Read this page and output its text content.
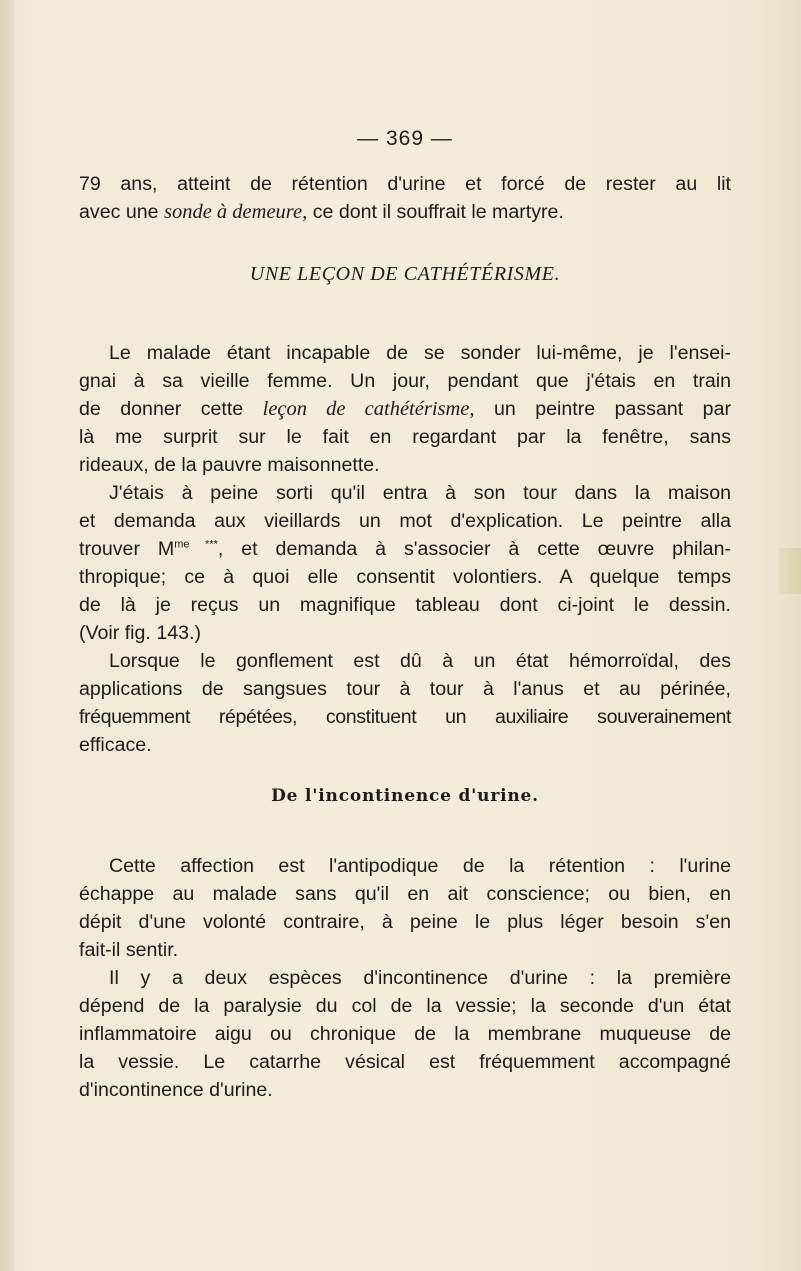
— 369 —
79 ans, atteint de rétention d'urine et forcé de rester au lit
avec une sonde à demeure, ce dont il souffrait le martyre.
UNE LEÇON DE CATHÉTÉRISME.
Le malade étant incapable de se sonder lui-même, je l'ensei-
gnai à sa vieille femme. Un jour, pendant que j'étais en train
de donner cette leçon de cathétérisme, un peintre passant par
là me surprit sur le fait en regardant par la fenêtre, sans
rideaux, de la pauvre maisonnette.
J'étais à peine sorti qu'il entra à son tour dans la maison
et demanda aux vieillards un mot d'explication. Le peintre alla
trouver $M^{me}$ ***, et demanda à s'associer à cette œuvre philan-
thropique; ce à quoi elle consentit volontiers. A quelque temps
de là je reçus un magnifique tableau dont ci-joint le dessin.
(Voir fig. 143.)
Lorsque le gonflement est dû à un état hémorroïdal, des
applications de sangsues tour à tour à l'anus et au périnée,
fréquemment répétées, constituent un auxiliaire souverainement
efficace.
De l'incontinence d'urine.
Cette affection est l'antipodique de la rétention : l'urine
échappe au malade sans qu'il en ait conscience; ou bien, en
dépit d'une volonté contraire, à peine le plus léger besoin s'en
fait-il sentir.
Il y a deux espèces d'incontinence d'urine : la première
dépend de la paralysie du col de la vessie; la seconde d'un état
inflammatoire aigu ou chronique de la membrane muqueuse de
la vessie. Le catarrhe vésical est fréquemment accompagné
d'incontinence d'urine.
